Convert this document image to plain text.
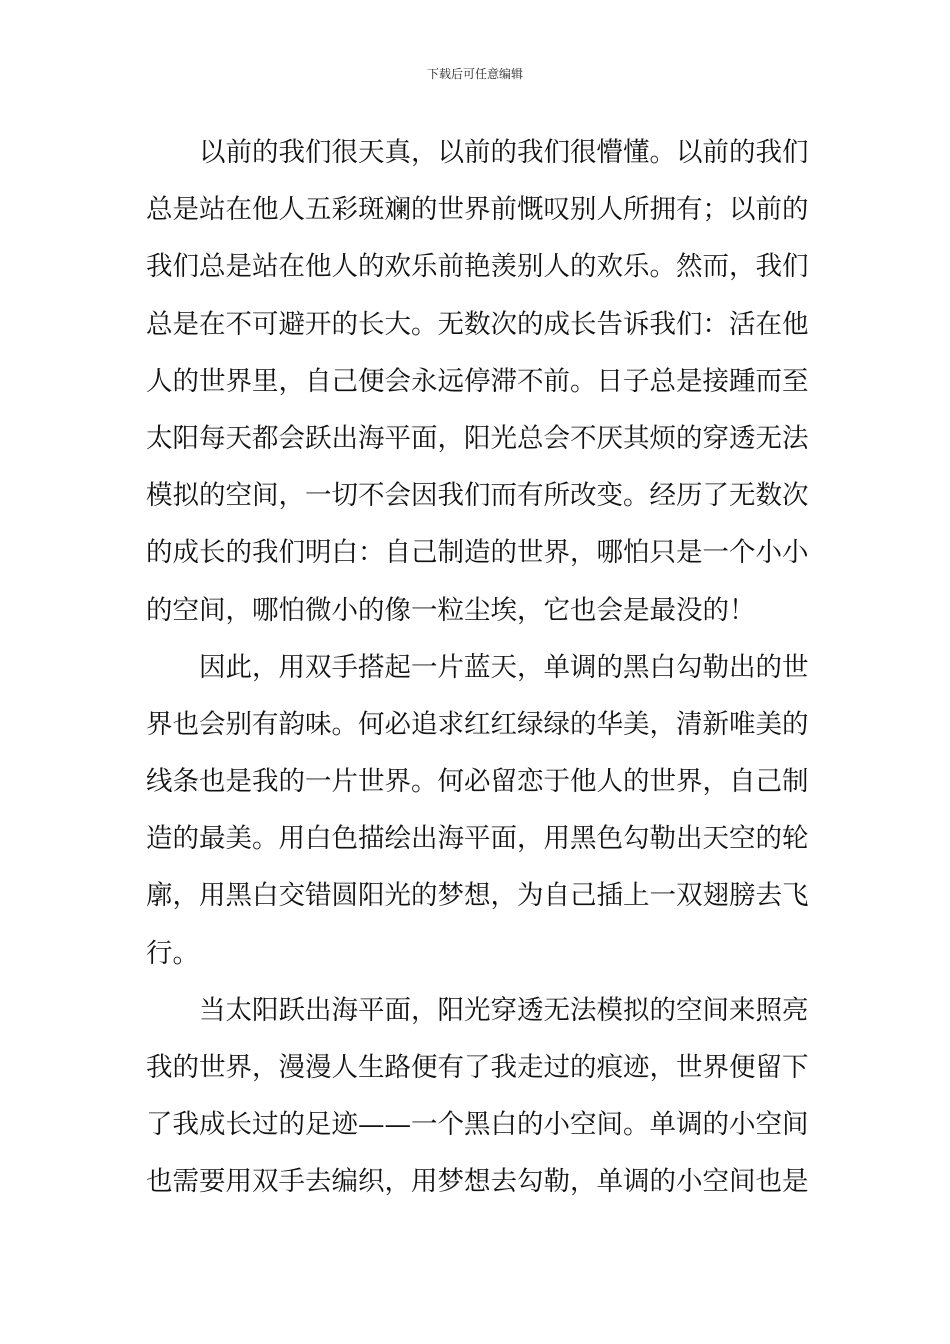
下载后可任意编辑
以前的我们很天真，以前的我们很懵懂。以前的我们
总是站在他人五彩斑斓的世界前慨叹别人所拥有；以前的
我们总是站在他人的欢乐前艳羡别人的欢乐。然而，我们
总是在不可避开的长大。无数次的成长告诉我们：活在他
人的世界里，自己便会永远停滞不前。日子总是接踵而至
太阳每天都会跃出海平面，阳光总会不厌其烦的穿透无法
模拟的空间，一切不会因我们而有所改变。经历了无数次
的成长的我们明白：自己制造的世界，哪怕只是一个小小
的空间，哪怕微小的像一粒尘埃，它也会是最没的！
因此，用双手搭起一片蓝天，单调的黑白勾勒出的世
界也会别有韵味。何必追求红红绿绿的华美，清新唯美的
线条也是我的一片世界。何必留恋于他人的世界，自己制
造的最美。用白色描绘出海平面，用黑色勾勒出天空的轮
廓，用黑白交错圆阳光的梦想，为自己插上一双翅膀去飞
行。
当太阳跃出海平面，阳光穿透无法模拟的空间来照亮
我的世界，漫漫人生路便有了我走过的痕迹，世界便留下
了我成长过的足迹——一个黑白的小空间。单调的小空间
也需要用双手去编织，用梦想去勾勒，单调的小空间也是
